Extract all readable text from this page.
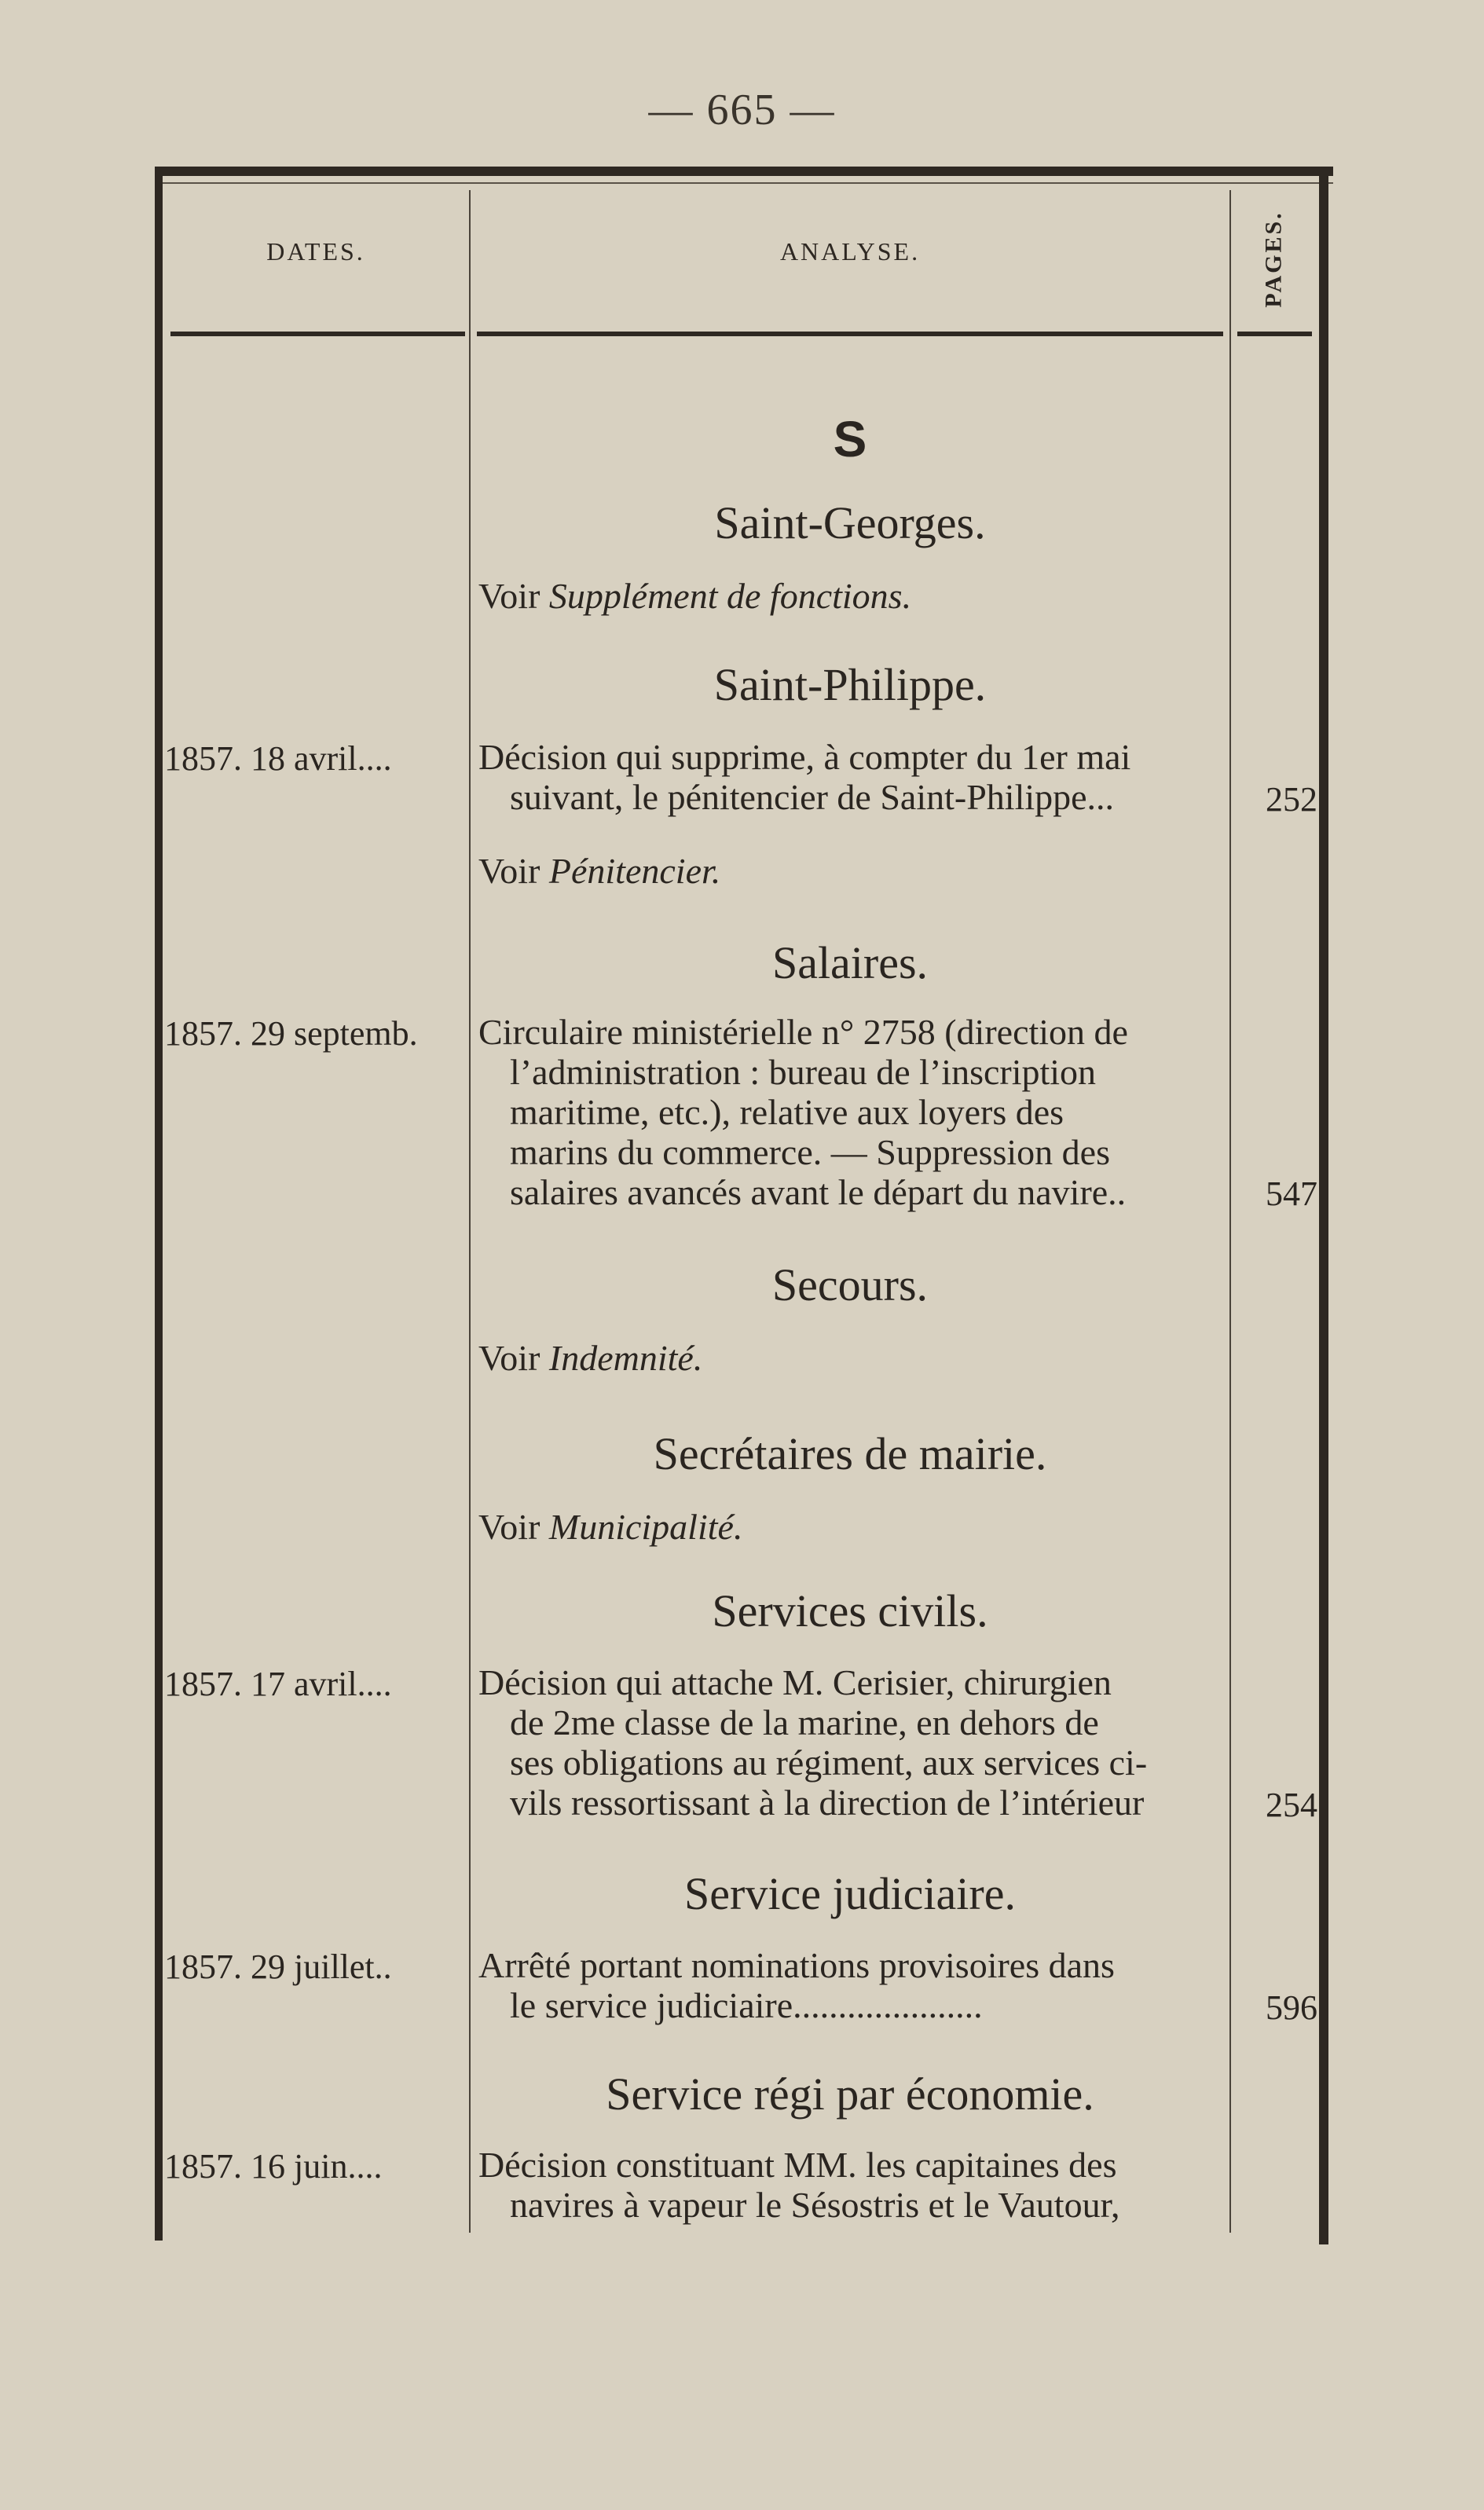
— 665 —
DATES.	ANALYSE.	PAGES.
S
Saint-Georges.
Voir Supplément de fonctions.
Saint-Philippe.
1857. 18 avril....	Décision qui supprime, à compter du 1er mai
suivant, le pénitencier de Saint-Philippe...	252
Voir Pénitencier.
Salaires.
1857. 29 septemb.	Circulaire ministérielle n° 2758 (direction de
l’administration : bureau de l’inscription
maritime, etc.), relative aux loyers des
marins du commerce. — Suppression des
salaires avancés avant le départ du navire..	547
Secours.
Voir Indemnité.
Secrétaires de mairie.
Voir Municipalité.
Services civils.
1857. 17 avril....	Décision qui attache M. Cerisier, chirurgien
de 2me classe de la marine, en dehors de
ses obligations au régiment, aux services ci-
vils ressortissant à la direction de l’intérieur	254
Service judiciaire.
1857. 29 juillet..	Arrêté portant nominations provisoires dans
le service judiciaire.....................	596
Service régi par économie.
1857. 16 juin....	Décision constituant MM. les capitaines des
navires à vapeur le Sésostris et le Vautour,
